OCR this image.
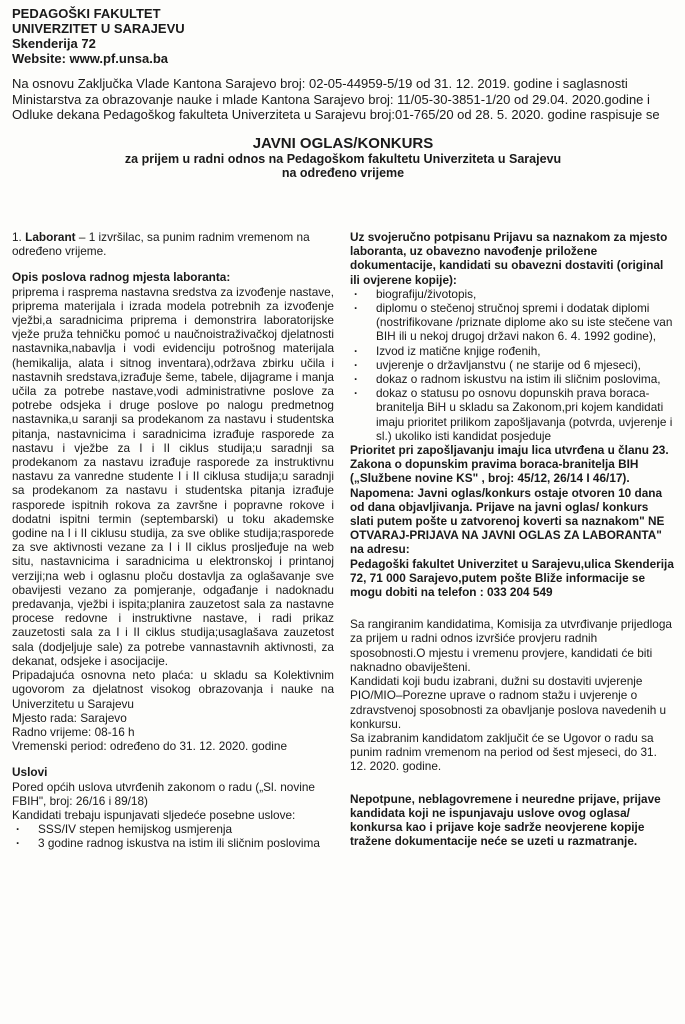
PEDAGOŠKI FAKULTET
UNIVERZITET U SARAJEVU
Skenderija 72
Website: www.pf.unsa.ba

Na osnovu Zaključka Vlade Kantona Sarajevo broj: 02-05-44959-5/19 od 31. 12. 2019. godine i saglasnosti Ministarstva za obrazovanje nauke i mlade Kantona Sarajevo broj: 11/05-30-3851-1/20 od 29.04. 2020.godine i Odluke dekana Pedagoškog fakulteta Univerziteta u Sarajevu broj:01-765/20 od 28. 5. 2020. godine raspisuje se

JAVNI OGLAS/KONKURS
za prijem u radni odnos na Pedagoškom fakultetu Univerziteta u Sarajevu
na određeno vrijeme

1. Laborant – 1 izvršilac, sa punim radnim vremenom na određeno vrijeme.

Opis poslova radnog mjesta laboranta:

priprema i raspremа nastavna sredstva za izvođenje nastave, priprema materijala i izrada modela potrebnih za izvođenje vježbi,a saradnicima priprema i demonstrira laboratorijske vježe pruža tehničku pomoć u naučnoistraživačkoj djelatnosti nastavnika,nabavlja i vodi evidenciju potrošnog materijala (hemikalija, alata i sitnog inventara),održava zbirku učila i nastavnih sredstava,izrađuje šeme, tabele, dijagrame i manja učila za potrebe nastave,vodi administrativne poslove za potrebe odsjeka i druge poslove po nalogu predmetnog nastavnika,u saranji sa prodekanom za nastavu i studentska pitanja, nastavnicima i saradnicima izrađuje rasporede za nastavu i vježbe za I i II ciklus studija;u saradnji sa prodekanom za nastavu izrađuje rasporede za instruktivnu nastavu za vanredne studente I i II ciklusa studija;u saradnji sa prodekanom za nastavu i studentska pitanja izrađuje rasporede ispitnih rokova za završne i popravne rokove i dodatni ispitni termin (septembarski) u toku akademske godine na I i II ciklusu studija, za sve oblike studija;rasporede za sve aktivnosti vezane za I i II ciklus prosljeđuje na web situ, nastavnicima i saradnicima u elektronskoj i printanoj verziji;na web i oglasnu ploču dostavlja za oglašavanje sve obavijesti vezano za pomjeranje, odgađanje i nadoknadu predavanja, vježbi i ispita;planira zauzetost sala za nastavne procese redovne i instruktivne nastave, i radi prikaz zauzetosti sala za I i II ciklus studija;usaglašava zauzetost sala (dodjeljuje sale) za potrebe vannastavnih aktivnosti, za dekanat, odsjeke i asocijacije.

Pripadajuća osnovna neto plaća: u skladu sa Kolektivnim ugovorom za djelatnost visokog obrazovanja i nauke na Univerzitetu u Sarajevu

Mjesto rada: Sarajevo

Radno vrijeme: 08-16 h

Vremenski period: određeno do 31. 12. 2020. godine

Uslovi

Pored općih uslova utvrđenih zakonom o radu („Sl. novine FBIH", broj: 26/16 i 89/18)

Kandidati trebaju ispunjavati sljedeće posebne uslove:

· SSS/IV stepen hemijskog usmjerenja
· 3 godine radnog iskustva na istim ili sličnim poslovima

Uz svojeručno potpisanu Prijavu sa naznakom za mjesto laboranta, uz obavezno navođenje priložene dokumentacije, kandidati su obavezni dostaviti (original ili ovjerene kopije):

· biografiju/životopis,
· diplomu o stečenoj stručnoj spremi i dodatak diplomi (nostrifikovane /priznate diplome ako su iste stečene van BIH ili u nekoj drugoj državi nakon 6. 4. 1992 godine),
· Izvod iz matične knjige rođenih,
· uvjerenje o državljanstvu ( ne starije od 6 mjeseci),
· dokaz o radnom iskustvu na istim ili sličnim poslovima,
· dokaz o statusu po osnovu dopunskih prava boraca-branitelja BiH u skladu sa Zakonom,pri kojem kandidati imaju prioritet prilikom zapošljavanja (potvrda, uvjerenje i sl.) ukoliko isti kandidat posjeduje

Prioritet pri zapošljavanju imaju lica utvrđena u članu 23. Zakona o dopunskim pravima boraca-branitelja BIH („Službene novine KS" , broj: 45/12, 26/14 I 46/17).

Napomena: Javni oglas/konkurs ostaje otvoren 10 dana od dana objavljivanja. Prijave na javni oglas/ konkurs slati putem pošte u zatvorenoj koverti sa naznakom" NE OTVARAJ-PRIJAVA NA JAVNI OGLAS ZA LABORANTA" na adresu:

Pedagoški fakultet Univerzitet u Sarajevu,ulica Skenderija 72, 71 000 Sarajevo,putem pošte Bliže informacije se mogu dobiti na telefon : 033 204 549

Sa rangiranim kandidatima, Komisija za utvrđivanje prijedloga za prijem u radni odnos izvršiće provjeru radnih sposobnosti.O mjestu i vremenu provjere, kandidati će biti naknadno obaviješteni.

Kandidati koji budu izabrani, dužni su dostaviti uvjerenje PIO/MIO–Porezne uprave o radnom stažu i uvjerenje o zdravstvenoj sposobnosti za obavljanje poslova navedenih u konkursu.

Sa izabranim kandidatom zaključit će se Ugovor o radu sa punim radnim vremenom na period od šest mjeseci, do 31. 12. 2020. godine.

Nepotpune, neblagovremene i neuredne prijave, prijave kandidata koji ne ispunjavaju uslove ovog oglasa/ konkursa kao i prijave koje sadrže neovjerene kopije tražene dokumentacije neće se uzeti u razmatranje.
